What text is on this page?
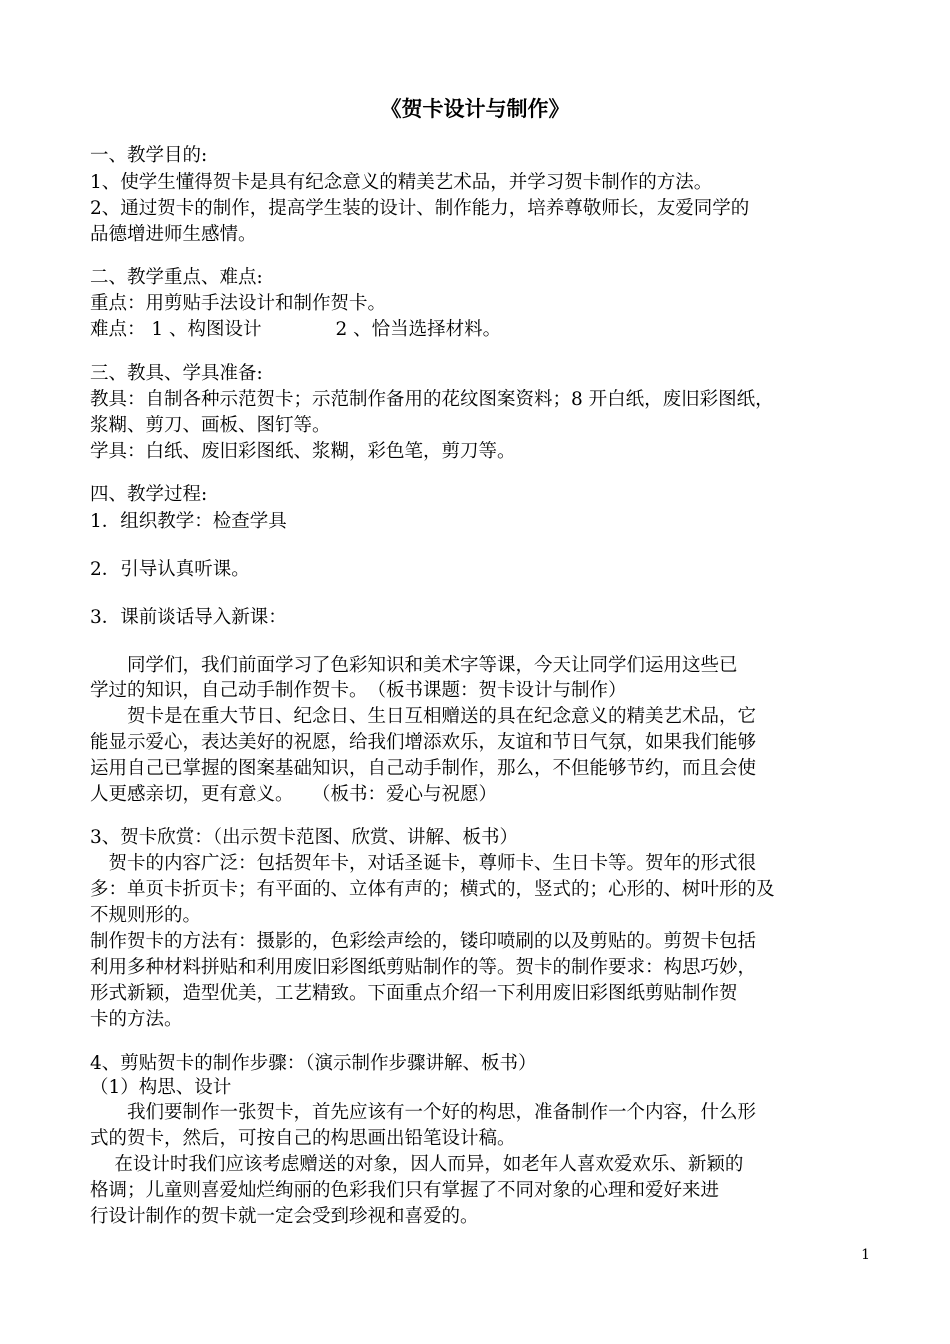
《贺卡设计与制作》
一、教学目的:
1、使学生懂得贺卡是具有纪念意义的精美艺术品，并学习贺卡制作的方法。
2、通过贺卡的制作，提高学生装的设计、制作能力，培养尊敬师长，友爱同学的
品德增进师生感情。
二、教学重点、难点:
重点：用剪贴手法设计和制作贺卡。
难点： 1 、构图设计　　　　2 、恰当选择材料。
三、教具、学具准备:
教具：自制各种示范贺卡；示范制作备用的花纹图案资料；8 开白纸，废旧彩图纸，
浆糊、剪刀、画板、图钉等。
学具：白纸、废旧彩图纸、浆糊，彩色笔，剪刀等。
四、教学过程:
1．组织教学：检查学具
2．引导认真听课。
3．课前谈话导入新课：
　　同学们，我们前面学习了色彩知识和美术字等课，今天让同学们运用这些已
学过的知识，自己动手制作贺卡。　（板书课题：贺卡设计与制作）
　　贺卡是在重大节日、纪念日、生日互相赠送的具在纪念意义的精美艺术品，它
能显示爱心，表达美好的祝愿，给我们增添欢乐，友谊和节日气氛，如果我们能够
运用自己已掌握的图案基础知识，自己动手制作，那么，不但能够节约，而且会使
人更感亲切，更有意义。　　（板书：爱心与祝愿）
3、贺卡欣赏：（出示贺卡范图、欣赏、讲解、板书）
　贺卡的内容广泛：包括贺年卡，对话圣诞卡，尊师卡、生日卡等。贺年的形式很
多：单页卡折页卡；有平面的、立体有声的；横式的，竖式的；心形的、树叶形的及
不规则形的。
制作贺卡的方法有：摄影的，色彩绘声绘的，镂印喷刷的以及剪贴的。剪贺卡包括
利用多种材料拼贴和利用废旧彩图纸剪贴制作的等。贺卡的制作要求：构思巧妙，
形式新颖，造型优美，工艺精致。下面重点介绍一下利用废旧彩图纸剪贴制作贺
卡的方法。
4、剪贴贺卡的制作步骤：（演示制作步骤讲解、板书）
（1）构思、设计
　　我们要制作一张贺卡，首先应该有一个好的构思，准备制作一个内容，什么形
式的贺卡，然后，可按自己的构思画出铅笔设计稿。
　 在设计时我们应该考虑赠送的对象，因人而异，如老年人喜欢爱欢乐、新颖的
格调；儿童则喜爱灿烂绚丽的色彩我们只有掌握了不同对象的心理和爱好来进
行设计制作的贺卡就一定会受到珍视和喜爱的。
1
